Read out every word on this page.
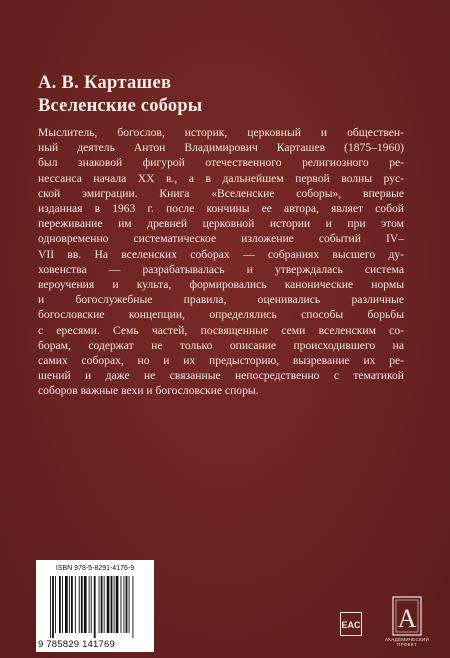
А. В. Карташев
Вселенские соборы

Мыслитель, богослов, историк, церковный и обществен-
ный деятель Антон Владимирович Карташев (1875–1960)
был знаковой фигурой отечественного религиозного ре-
нессанса начала XX в., а в дальнейшем первой волны рус-
ской эмиграции. Книга «Вселенские соборы», впервые
изданная в 1963 г. после кончины ее автора, являет собой
переживание им древней церковной истории и при этом
одновременно систематическое изложение событий IV–
VII вв. На вселенских соборах — собраниях высшего ду-
ховенства — разрабатывалась и утверждалась система
вероучения и культа, формировались канонические нормы
и богослужебные правила, оценивались различные
богословские концепции, определялись способы борьбы
с ересями. Семь частей, посвященные семи вселенским со-
борам, содержат не только описание происходившего на
самих соборах, но и их предысторию, вызревание их ре-
шений и даже не связанные непосредственно с тематикой
соборов важные вехи и богословские споры.

ISBN 978-5-8291-4176-9
9 785829 141769
EAC А
АКАДЕМИЧЕСКИЙ
ПРОЕКТ
